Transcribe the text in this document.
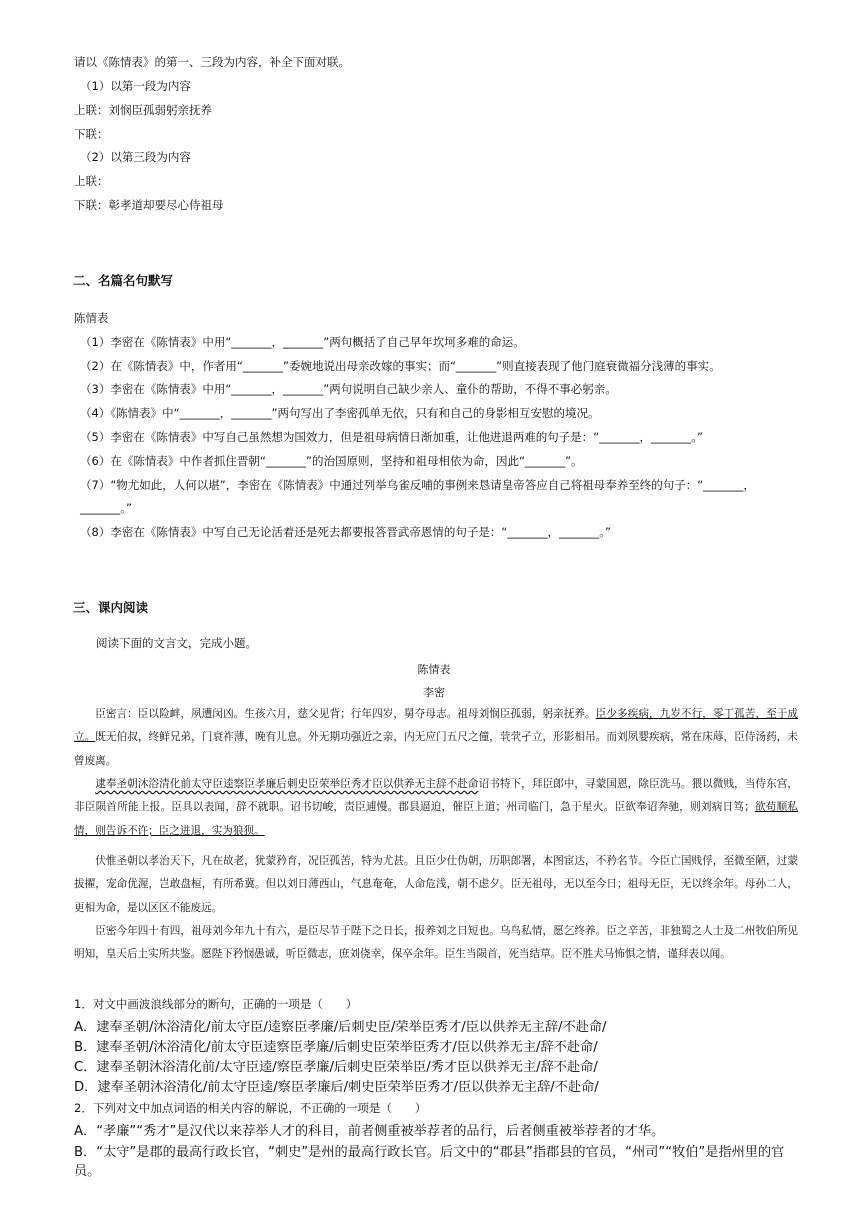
请以《陈情表》的第一、三段为内容，补全下面对联。
（1）以第一段为内容
上联：刘悯臣孤弱躬亲抚养
下联：
（2）以第三段为内容
上联：
下联：彰孝道却要尽心侍祖母
二、名篇名句默写
陈情表
（1）李密在《陈情表》中用“_______，_______”两句概括了自己早年坎坷多难的命运。
（2）在《陈情表》中，作者用“_______”委婉地说出母亲改嫁的事实；而“_______”则直接表现了他门庭衰微福分浅薄的事实。
（3）李密在《陈情表》中用“_______，_______”两句说明自己缺少亲人、童仆的帮助，不得不事必躬亲。
（4）《陈情表》中“_______，_______”两句写出了李密孤单无依，只有和自己的身影相互安慰的境况。
（5）李密在《陈情表》中写自己虽然想为国效力，但是祖母病情日渐加重，让他进退两难的句子是：“_______，_______。”
（6）在《陈情表》中作者抓住晋朝“_______”的治国原则，坚持和祖母相依为命，因此“_______”。
（7）“物尤如此，人何以堪”，李密在《陈情表》中通过列举乌雀反哺的事例来恳请皇帝答应自己将祖母奉养至终的句子：“_______，
_______。”
（8）李密在《陈情表》中写自己无论活着还是死去都要报答晋武帝恩情的句子是：“_______，_______。”
三、课内阅读
阅读下面的文言文，完成小题。
陈情表
李密

臣密言：臣以险衅，夙遭闵凶。生孩六月，慈父见背；行年四岁，舅夺母志。祖母刘悯臣孤弱，躬亲抚养。臣少多疾病，九岁不行，零丁孤苦，至于成立。既无伯叔，终鲜兄弟，门衰祚薄，晚有儿息。外无期功强近之亲，内无应门五尺之僮，茕茕孑立，形影相吊。而刘夙婴疾病，常在床蓐，臣侍汤药，未曾废离。

逮奉圣朝沐浴清化前太守臣逵察臣孝廉后刺史臣荣举臣秀才臣以供养无主辞不赴命诏书特下，拜臣郎中，寻蒙国恩，除臣洗马。猥以微贱，当侍东宫，非臣陨首所能上报。臣具以表闻，辞不就职。诏书切峻，责臣逋慢。郡县逼迫，催臣上道；州司临门，急于星火。臣欲奉诏奔驰，则刘病日笃；欲苟顺私情，则告诉不许；臣之进退，实为狼狈。

伏惟圣朝以孝治天下，凡在故老，犹蒙矜育，况臣孤苦，特为尤甚。且臣少仕伪朝，历职郎署，本图宦达，不矜名节。今臣亡国贱俘，至微至陋，过蒙拔擢，宠命优渥，岂敢盘桓，有所希冀。但以刘日薄西山，气息奄奄，人命危浅，朝不虑夕。臣无祖母，无以至今日；祖母无臣，无以终余年。母孙二人，更相为命，是以区区不能废远。

臣密今年四十有四，祖母刘今年九十有六，是臣尽节于陛下之日长，报养刘之日短也。乌鸟私情，愿乞终养。臣之辛苦，非独蜀之人士及二州牧伯所见明知，皇天后土实所共鉴。愿陛下矜悯愚诚，听臣微志，庶刘侥幸，保卒余年。臣生当陨首，死当结草。臣不胜犬马怖惧之情，谨拜表以闻。

1．对文中画波浪线部分的断句，正确的一项是（　　）
A．逮奉圣朝/沐浴清化/前太守臣/逵察臣孝廉/后刺史臣/荣举臣秀才/臣以供养无主辞/不赴命/
B．逮奉圣朝/沐浴清化/前太守臣逵察臣孝廉/后刺史臣荣举臣秀才/臣以供养无主/辞不赴命/
C．逮奉圣朝沐浴清化前/太守臣逵/察臣孝廉/后刺史臣荣举臣/秀才臣以供养无主/辞不赴命/
D．逮奉圣朝沐浴清化/前太守臣逵/察臣孝廉后/刺史臣荣举臣秀才/臣以供养无主辞/不赴命/
2．下列对文中加点词语的相关内容的解说，不正确的一项是（　　）
A．“孝廉”“秀才”是汉代以来荐举人才的科目，前者侧重被举荐者的品行，后者侧重被举荐者的才华。
B．“太守”是郡的最高行政长官，“刺史”是州的最高行政长官。后文中的“郡县”指郡县的官员，“州司”“牧伯”是指州里的官员。
